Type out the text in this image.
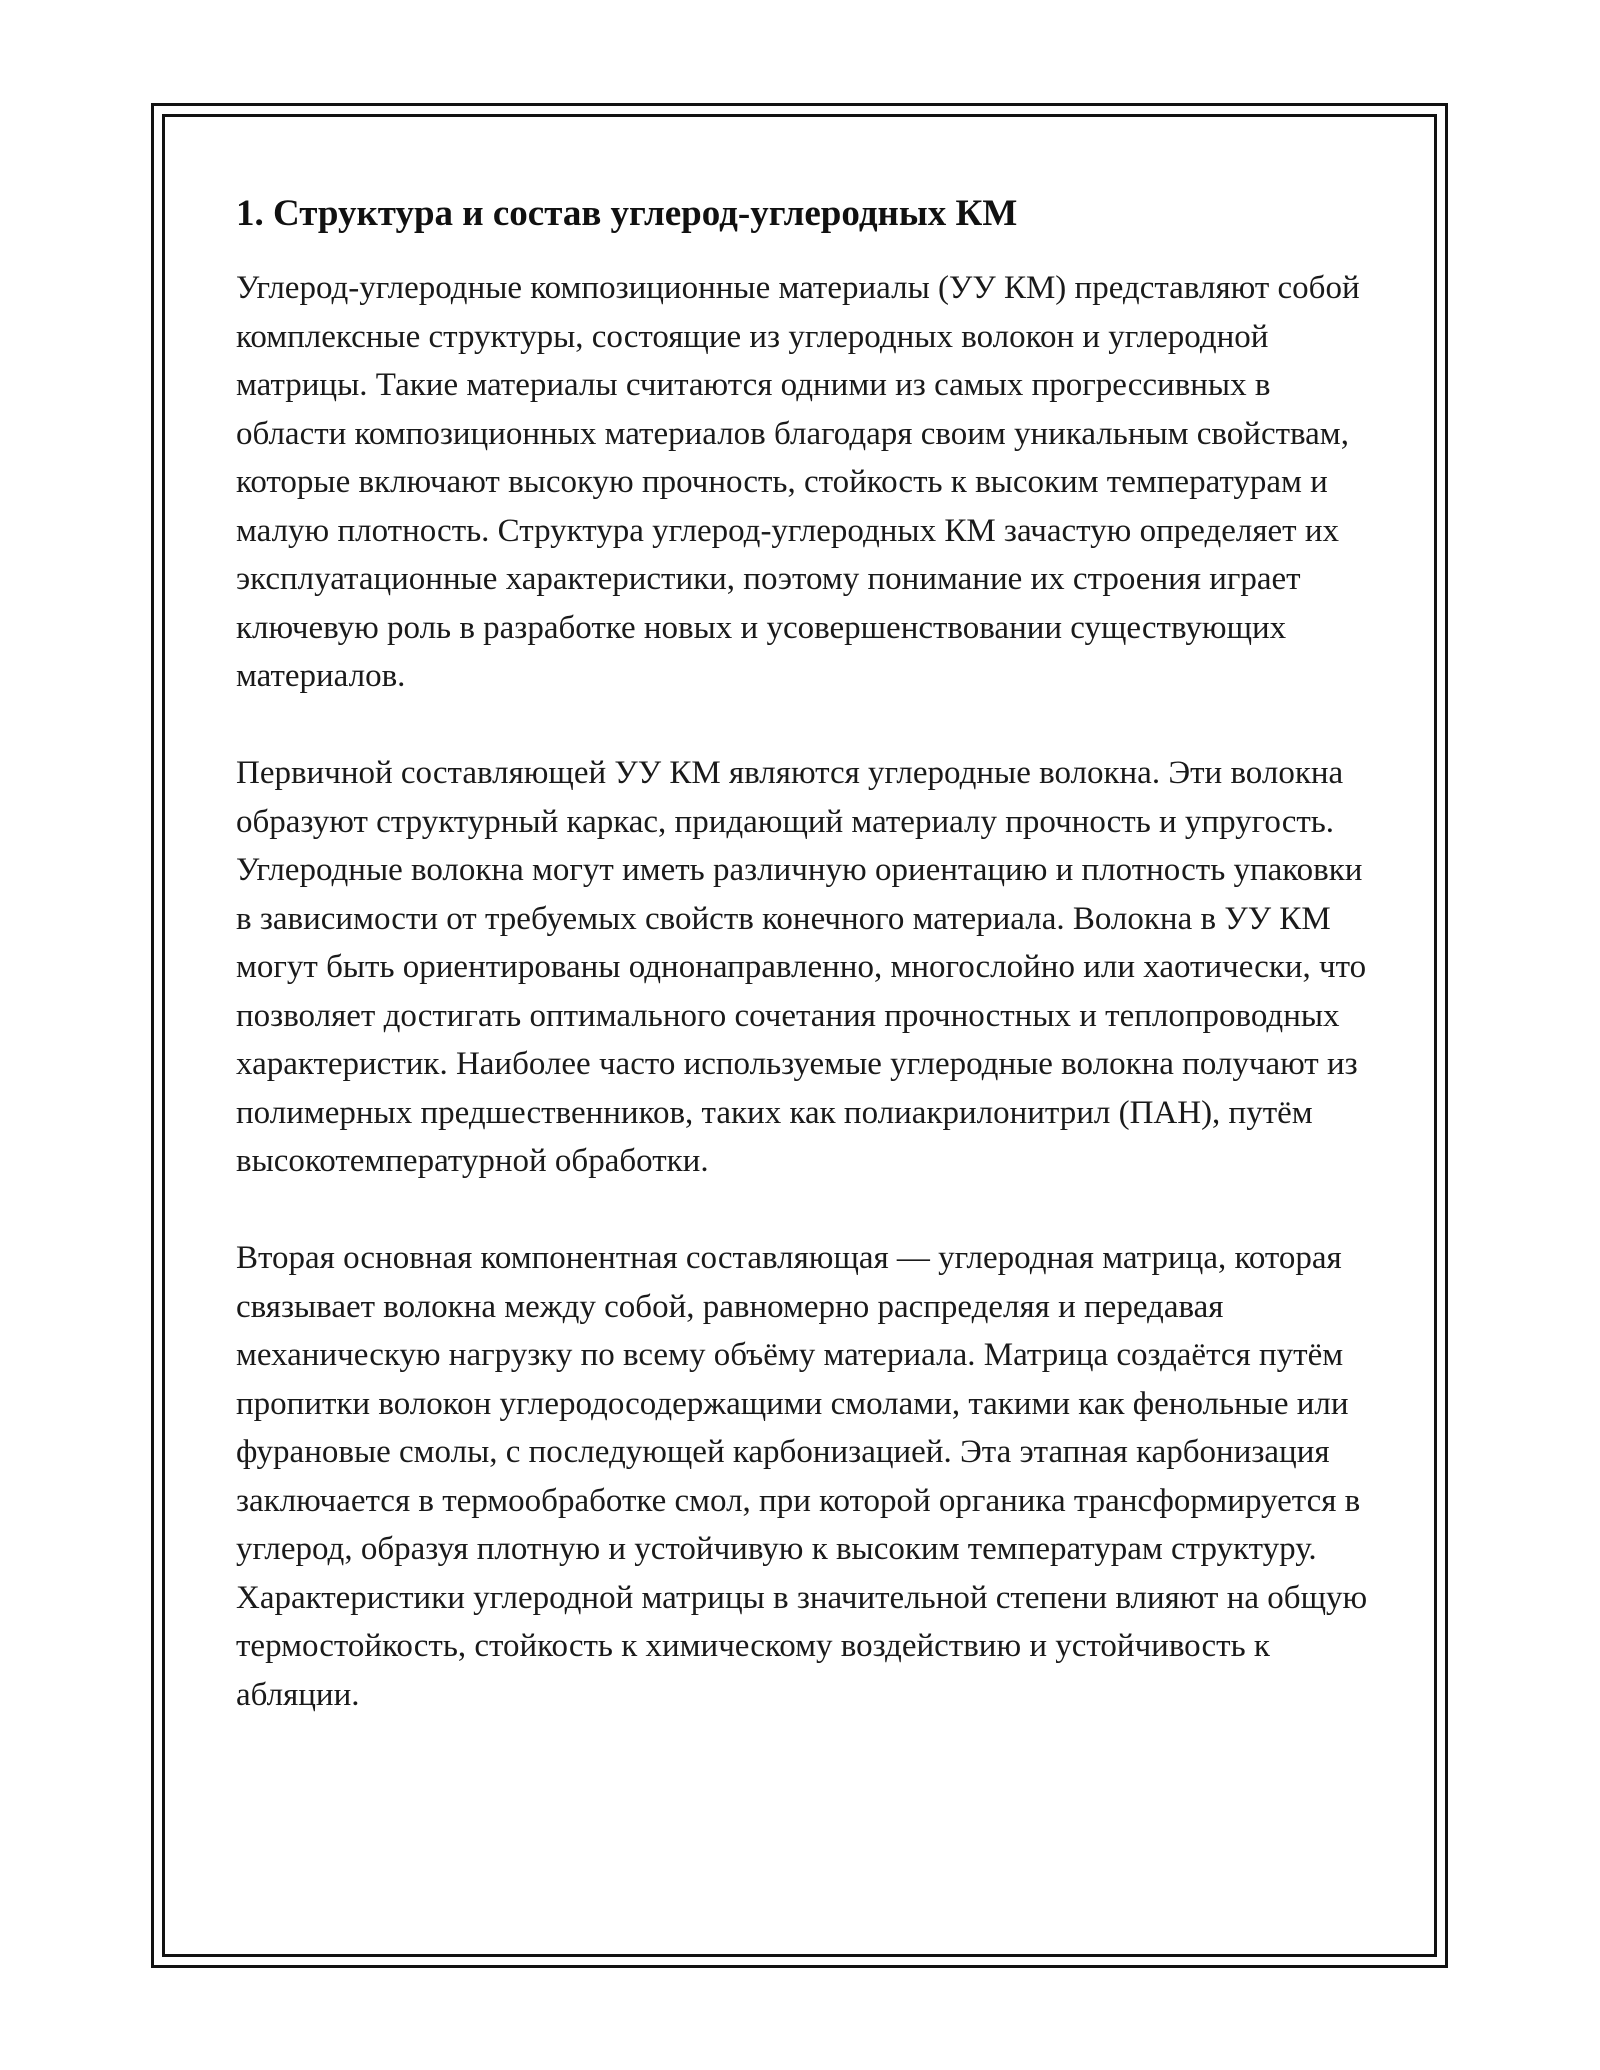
1. Структура и состав углерод-углеродных КМ

Углерод-углеродные композиционные материалы (УУ КМ) представляют собой комплексные структуры, состоящие из углеродных волокон и углеродной матрицы. Такие материалы считаются одними из самых прогрессивных в области композиционных материалов благодаря своим уникальным свойствам, которые включают высокую прочность, стойкость к высоким температурам и малую плотность. Структура углерод-углеродных КМ зачастую определяет их эксплуатационные характеристики, поэтому понимание их строения играет ключевую роль в разработке новых и усовершенствовании существующих материалов.

Первичной составляющей УУ КМ являются углеродные волокна. Эти волокна образуют структурный каркас, придающий материалу прочность и упругость. Углеродные волокна могут иметь различную ориентацию и плотность упаковки в зависимости от требуемых свойств конечного материала. Волокна в УУ КМ могут быть ориентированы однонаправленно, многослойно или хаотически, что позволяет достигать оптимального сочетания прочностных и теплопроводных характеристик. Наиболее часто используемые углеродные волокна получают из полимерных предшественников, таких как полиакрилонитрил (ПАН), путём высокотемпературной обработки.

Вторая основная компонентная составляющая — углеродная матрица, которая связывает волокна между собой, равномерно распределяя и передавая механическую нагрузку по всему объёму материала. Матрица создаётся путём пропитки волокон углеродосодержащими смолами, такими как фенольные или фурановые смолы, с последующей карбонизацией. Эта этапная карбонизация заключается в термообработке смол, при которой органика трансформируется в углерод, образуя плотную и устойчивую к высоким температурам структуру. Характеристики углеродной матрицы в значительной степени влияют на общую термостойкость, стойкость к химическому воздействию и устойчивость к абляции.
